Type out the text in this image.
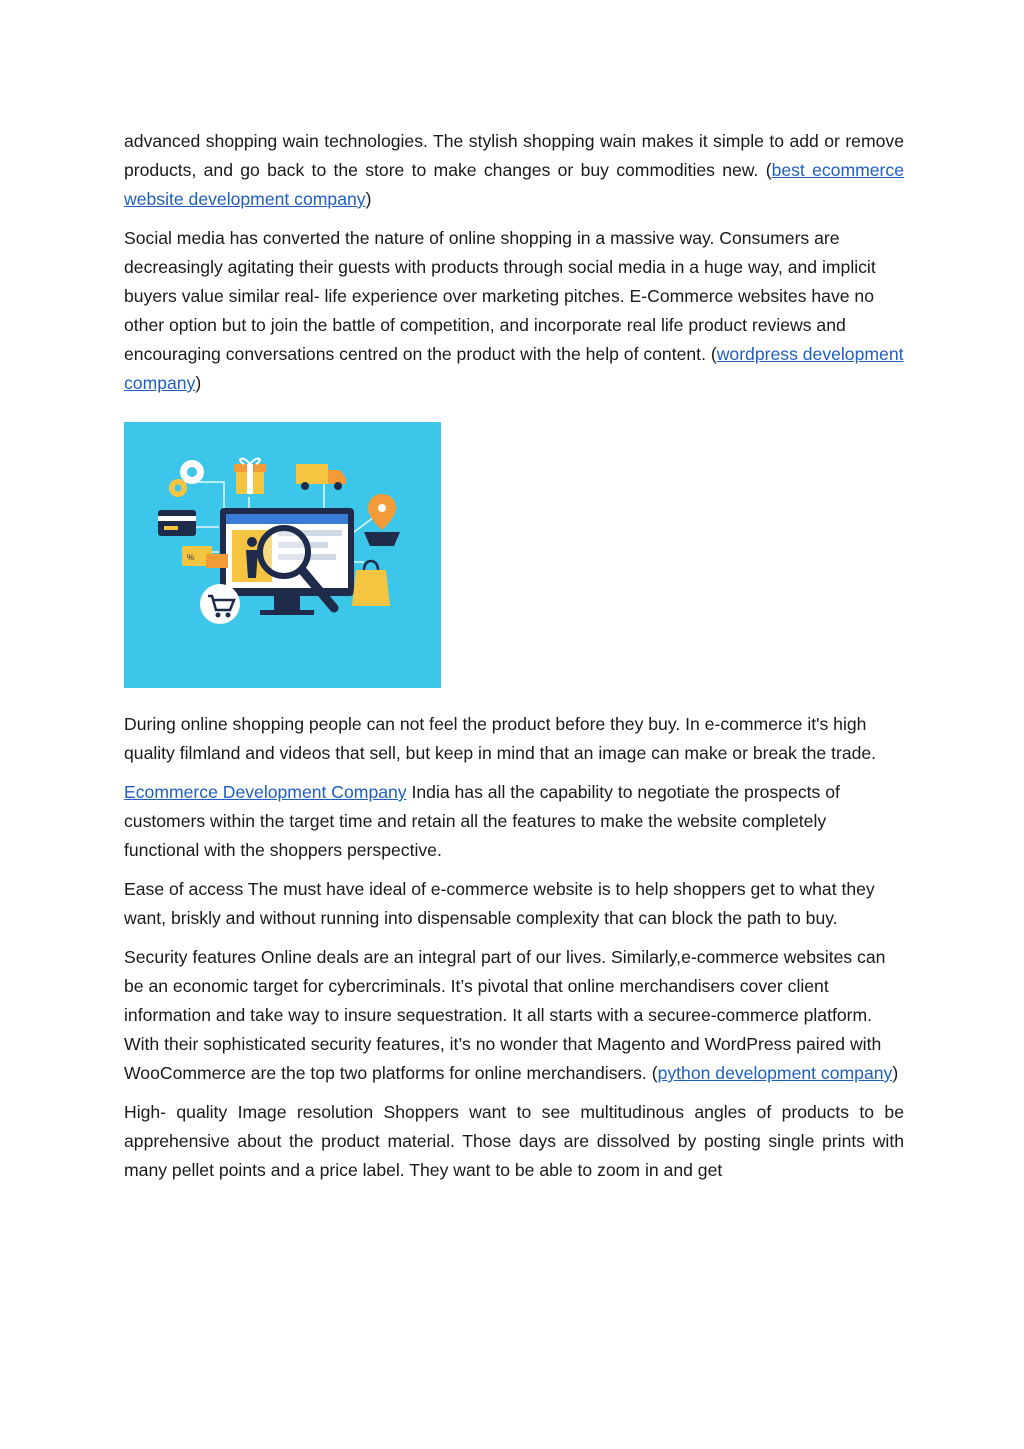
advanced shopping wain technologies. The stylish shopping wain makes it simple to add or remove products, and go back to the store to make changes or buy commodities new. (best ecommerce website development company)

Social media has converted the nature of online shopping in a massive way. Consumers are decreasingly agitating their guests with products through social media in a huge way, and implicit buyers value similar real- life experience over marketing pitches. E-Commerce websites have no other option but to join the battle of competition, and incorporate real life product reviews and encouraging conversations centred on the product with the help of content. (wordpress development company)

%

During online shopping people can not feel the product before they buy. In e-commerce it's high quality filmland and videos that sell, but keep in mind that an image can make or break the trade.

Ecommerce Development Company India has all the capability to negotiate the prospects of customers within the target time and retain all the features to make the website completely functional with the shoppers perspective.

Ease of access The must have ideal of e-commerce website is to help shoppers get to what they want, briskly and without running into dispensable complexity that can block the path to buy.

Security features Online deals are an integral part of our lives. Similarly,e-commerce websites can be an economic target for cybercriminals. It’s pivotal that online merchandisers cover client information and take way to insure sequestration. It all starts with a securee-commerce platform. With their sophisticated security features, it’s no wonder that Magento and WordPress paired with WooCommerce are the top two platforms for online merchandisers. (python development company)

High- quality Image resolution Shoppers want to see multitudinous angles of products to be apprehensive about the product material. Those days are dissolved by posting single prints with many pellet points and a price label. They want to be able to zoom in and get
